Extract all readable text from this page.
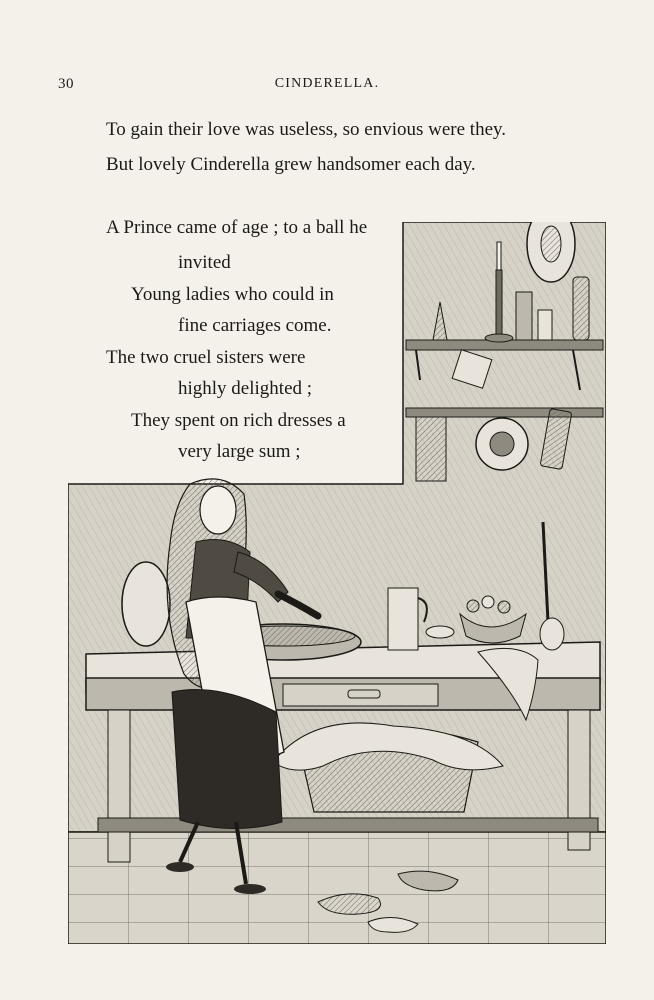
30	CINDERELLA.
To gain their love was useless, so envious were they.
But lovely Cinderella grew handsomer each day.
A Prince came of age ; to a ball he
invited
Young ladies who could in
fine carriages come.
The two cruel sisters were
highly delighted ;
They spent on rich dresses a
very large sum ;
